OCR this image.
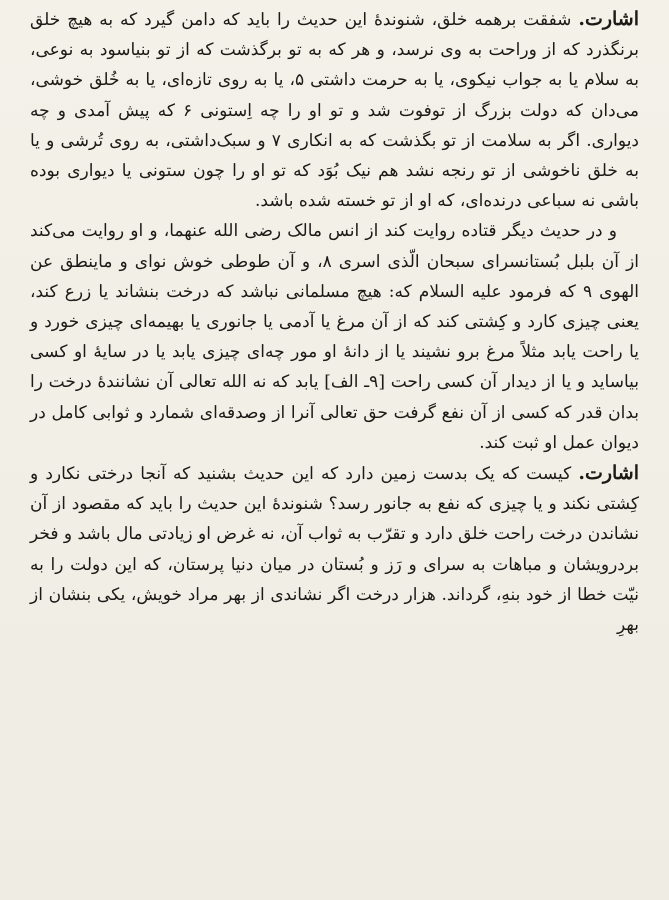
اشارت. شفقت برهمه خلق، شنوندهٔ این حدیث را باید که دامن گیرد که به هیچ خلق برنگذرد که از وراحت به وی نرسد، و هر که به تو برگذشت که از تو بنیاسود به نوعی، به سلام یا به جواب نیکوی، یا به حرمت داشتی ۵، یا به روی تازه‌ای، یا به خُلق خوشی، می‌دان که دولت بزرگ از توفوت شد و تو او را چه اِستونی ۶ که پیش آمدی و چه دیواری. اگر به سلامت از تو بگذشت که به انکاری ۷ و سبک‌داشتی، به روی تُرشی و یا به خلق ناخوشی از تو رنجه نشد هم نیک بُوَد که تو او را چون ستونی یا دیواری بوده باشی نه سباعی درنده‌ای، که او از تو خسته شده باشد.

و در حدیث دیگر قتاده روایت کند از انس مالک رضی الله عنهما، و او روایت می‌کند از آن بلبل بُستانسرای سبحان الّذی اسری ۸، و آن طوطی خوش نوای و ماینطق عن الهوی ۹ که فرمود علیه السلام که: هیچ مسلمانی نباشد که درخت بنشاند یا زرع کند، یعنی چیزی کارد و کِشتی کند که از آن مرغ یا آدمی یا جانوری یا بهیمه‌ای چیزی خورد و یا راحت یابد مثلاً مرغ برو نشیند یا از دانهٔ او مور چه‌ای چیزی یابد یا در سایهٔ او کسی بیاساید و یا از دیدار آن کسی راحت [۹ـ الف] یابد که نه الله تعالی آن نشانندهٔ درخت را بدان قدر که کسی از آن نفع گرفت حق تعالی آنرا از وصدقه‌ای شمارد و ثوابی کامل در دیوان عمل او ثبت کند.

اشارت. کیست که یک بدست زمین دارد که این حدیث بشنید که آنجا درختی نکارد و کِشتی نکند و یا چیزی که نفع به جانور رسد؟ شنوندهٔ این حدیث را باید که مقصود از آن نشاندن درخت راحت خلق دارد و تقرّب به ثواب آن، نه غرض او زیادتی مال باشد و فخر بردرویشان و مباهات به سرای و رَز و بُستان در میان دنیا پرستان، که این دولت را به نیّت خطا از خود بنهِ، گرداند. هزار درخت اگر نشاندی از بهر مراد خویش، یکی بنشان از بهرِ
